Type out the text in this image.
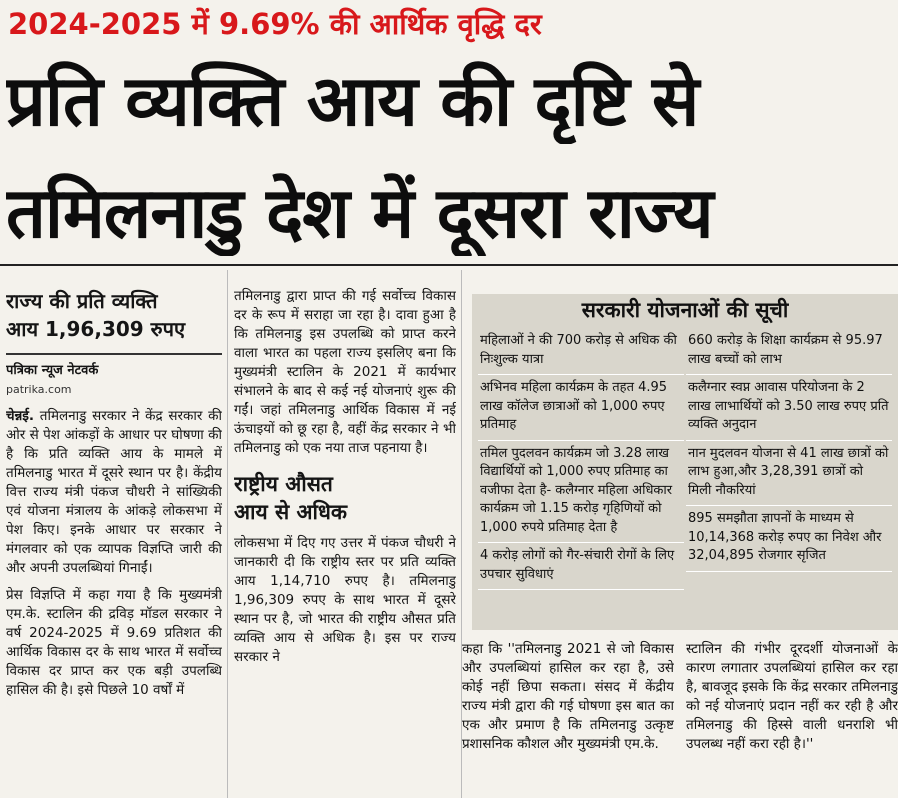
2024-2025 में 9.69% की आर्थिक वृद्धि दर
प्रति व्यक्ति आय की दृष्टि से
तमिलनाडु देश में दूसरा राज्य
राज्य की प्रति व्यक्ति
आय 1,96,309 रुपए
पत्रिका न्यूज नेटवर्क
patrika.com

चेन्नई. तमिलनाडु सरकार ने केंद्र सरकार की ओर से पेश आंकड़ों के आधार पर घोषणा की है कि प्रति व्यक्ति आय के मामले में तमिलनाडु भारत में दूसरे स्थान पर है। केंद्रीय वित्त राज्य मंत्री पंकज चौधरी ने सांख्यिकी एवं योजना मंत्रालय के आंकड़े लोकसभा में पेश किए। इनके आधार पर सरकार ने मंगलवार को एक व्यापक विज्ञप्ति जारी की और अपनी उपलब्धियां गिनाईं।

प्रेस विज्ञप्ति में कहा गया है कि मुख्यमंत्री एम.के. स्टालिन की द्रविड़ मॉडल सरकार ने वर्ष 2024-2025 में 9.69 प्रतिशत की आर्थिक विकास दर के साथ भारत में सर्वोच्च विकास दर प्राप्त कर एक बड़ी उपलब्धि हासिल की है। इसे पिछले 10 वर्षों में

तमिलनाडु द्वारा प्राप्त की गई सर्वोच्च विकास दर के रूप में सराहा जा रहा है। दावा हुआ है कि तमिलनाडु इस उपलब्धि को प्राप्त करने वाला भारत का पहला राज्य इसलिए बना कि मुख्यमंत्री स्टालिन के 2021 में कार्यभार संभालने के बाद से कई नई योजनाएं शुरू की गईं। जहां तमिलनाडु आर्थिक विकास में नई ऊंचाइयों को छू रहा है, वहीं केंद्र सरकार ने भी तमिलनाडु को एक नया ताज पहनाया है।

राष्ट्रीय औसत
आय से अधिक

लोकसभा में दिए गए उत्तर में पंकज चौधरी ने जानकारी दी कि राष्ट्रीय स्तर पर प्रति व्यक्ति आय 1,14,710 रुपए है। तमिलनाडु 1,96,309 रुपए के साथ भारत में दूसरे स्थान पर है, जो भारत की राष्ट्रीय औसत प्रति व्यक्ति आय से अधिक है। इस पर राज्य सरकार ने

सरकारी योजनाओं की सूची
महिलाओं ने की 700 करोड़ से अधिक की निःशुल्क यात्रा
अभिनव महिला कार्यक्रम के तहत 4.95 लाख कॉलेज छात्राओं को 1,000 रुपए प्रतिमाह
तमिल पुदलवन कार्यक्रम जो 3.28 लाख विद्यार्थियों को 1,000 रुपए प्रतिमाह का वजीफा देता है- कलैग्नार महिला अधिकार कार्यक्रम जो 1.15 करोड़ गृहिणियों को 1,000 रुपये प्रतिमाह देता है
4 करोड़ लोगों को गैर-संचारी रोगों के लिए उपचार सुविधाएं
660 करोड़ के शिक्षा कार्यक्रम से 95.97 लाख बच्चों को लाभ
कलैग्नार स्वप्न आवास परियोजना के 2 लाख लाभार्थियों को 3.50 लाख रुपए प्रति व्यक्ति अनुदान
नान मुदलवन योजना से 41 लाख छात्रों को लाभ हुआ,और 3,28,391 छात्रों को मिली नौकरियां
895 समझौता ज्ञापनों के माध्यम से 10,14,368 करोड़ रुपए का निवेश और 32,04,895 रोजगार सृजित
कहा कि ''तमिलनाडु 2021 से जो विकास और उपलब्धियां हासिल कर रहा है, उसे कोई नहीं छिपा सकता। संसद में केंद्रीय राज्य मंत्री द्वारा की गई घोषणा इस बात का एक और प्रमाण है कि तमिलनाडु उत्कृष्ट प्रशासनिक कौशल और मुख्यमंत्री एम.के.
स्टालिन की गंभीर दूरदर्शी योजनाओं के कारण लगातार उपलब्धियां हासिल कर रहा है, बावजूद इसके कि केंद्र सरकार तमिलनाडु को नई योजनाएं प्रदान नहीं कर रही है और तमिलनाडु की हिस्से वाली धनराशि भी उपलब्ध नहीं करा रही है।''
